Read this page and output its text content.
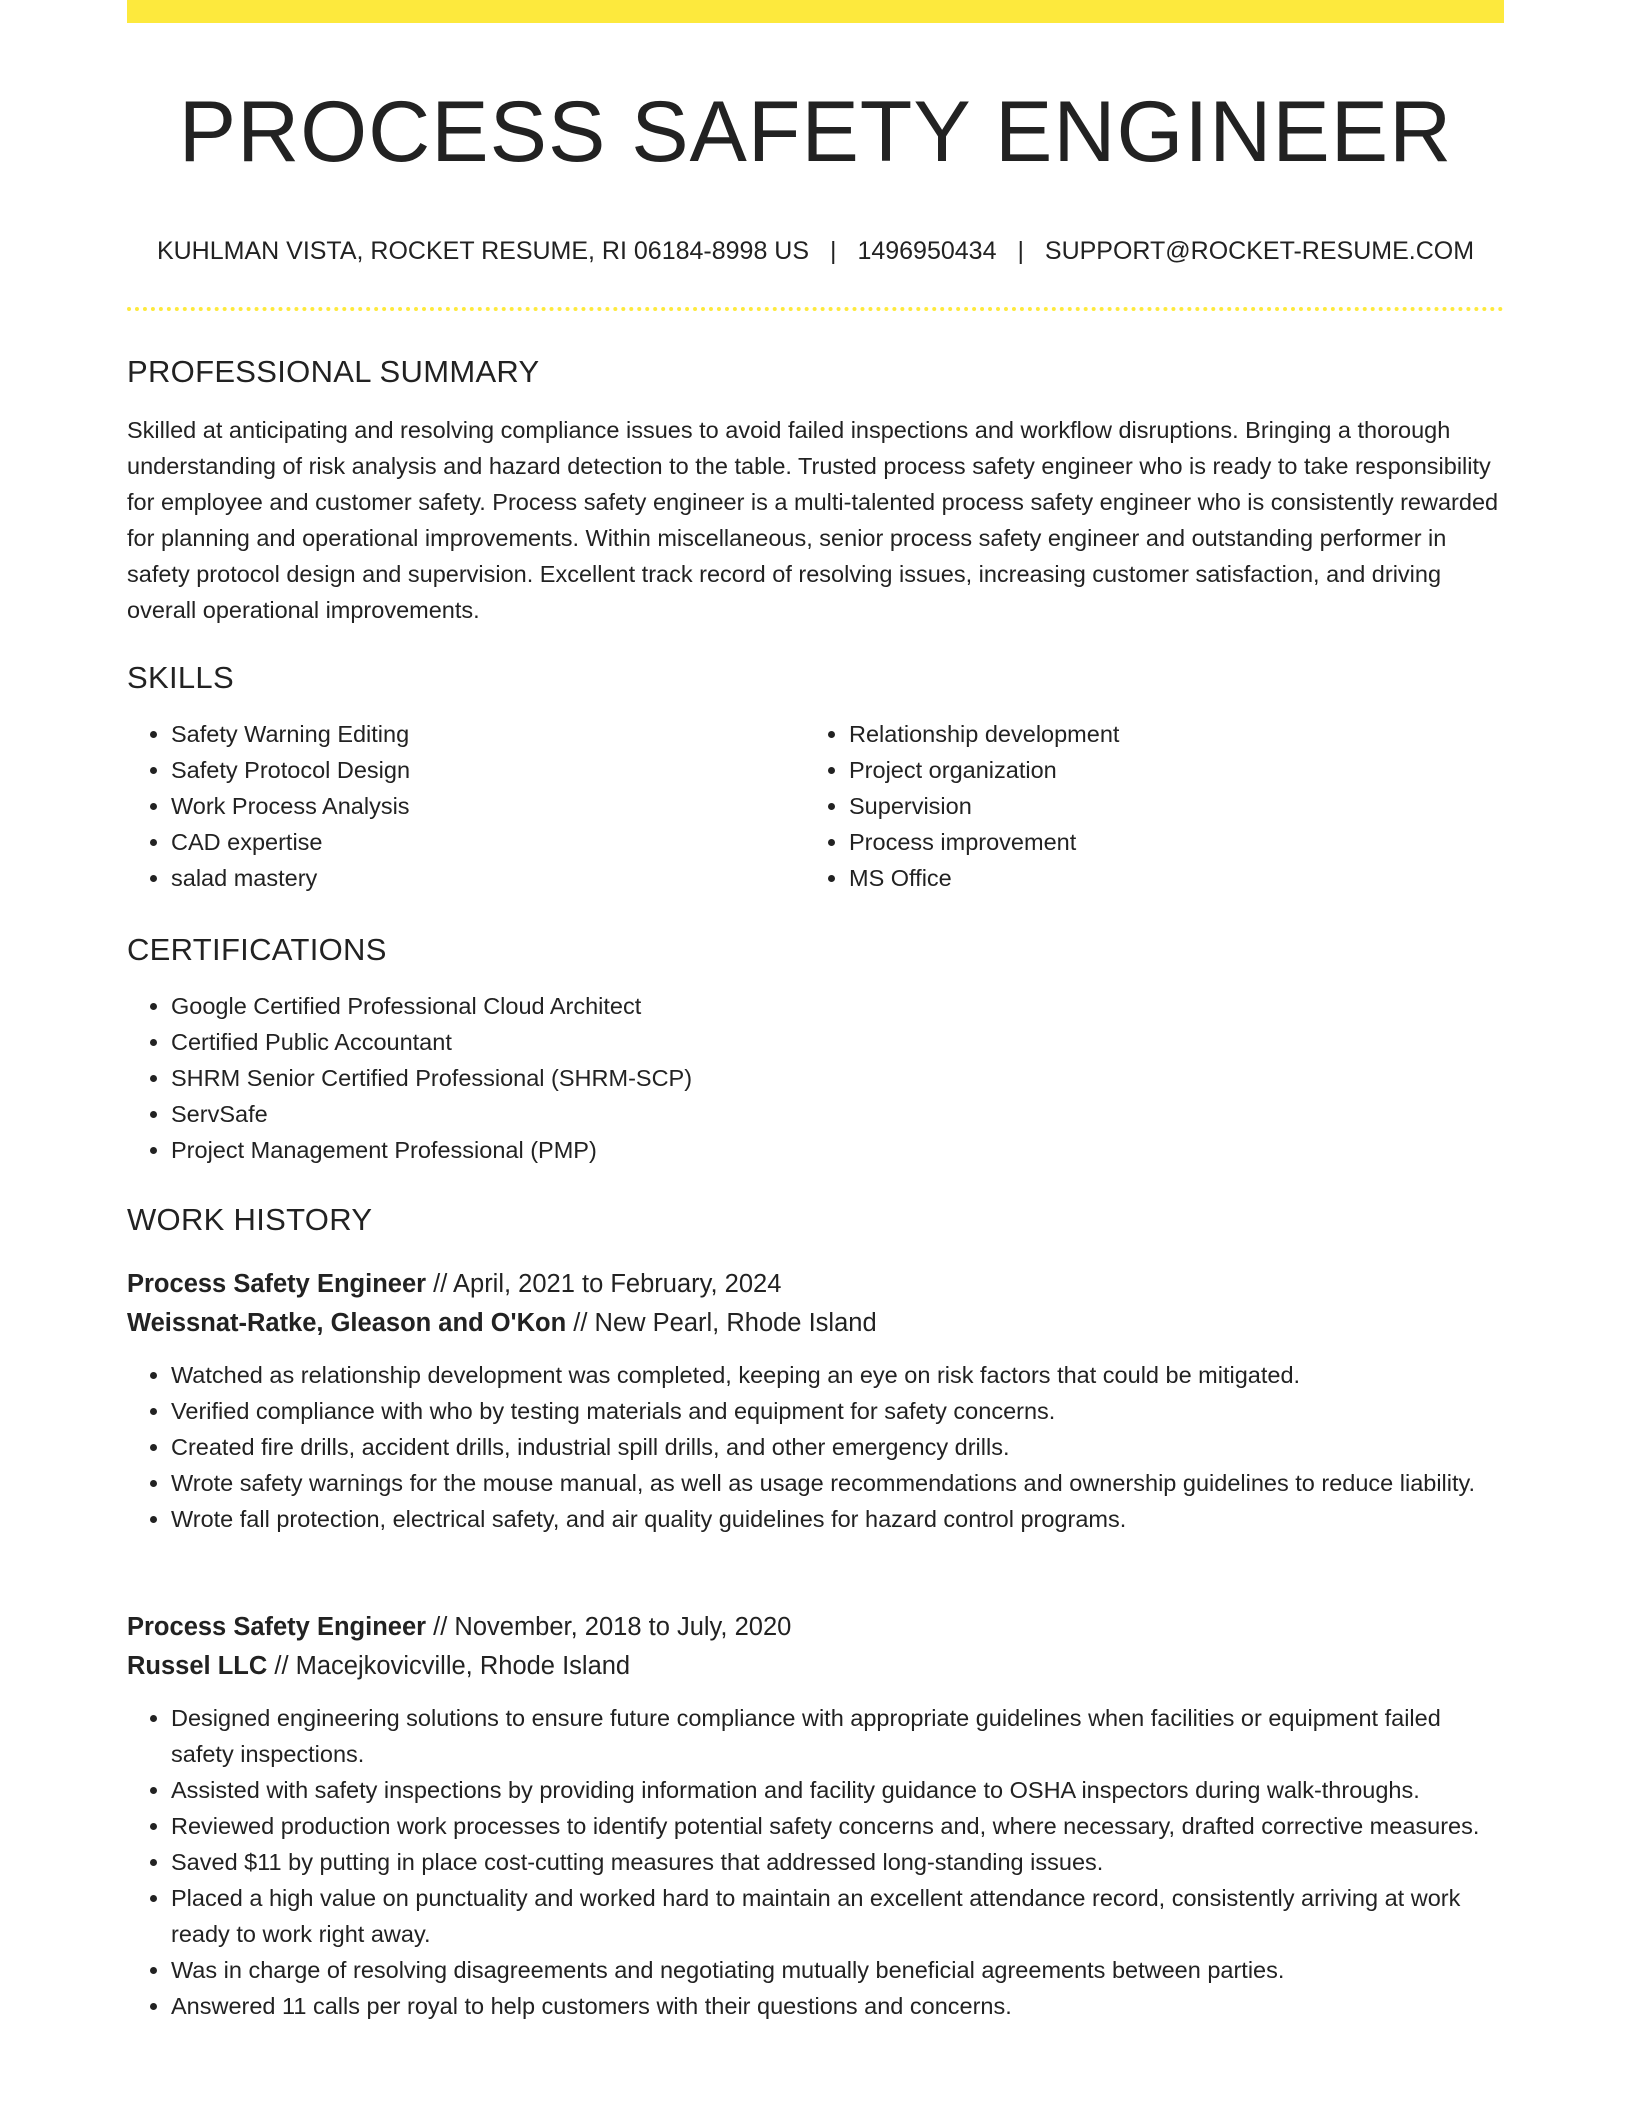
PROCESS SAFETY ENGINEER
KUHLMAN VISTA, ROCKET RESUME, RI 06184-8998 US | 1496950434 | SUPPORT@ROCKET-RESUME.COM
PROFESSIONAL SUMMARY

Skilled at anticipating and resolving compliance issues to avoid failed inspections and workflow disruptions. Bringing a thorough understanding of risk analysis and hazard detection to the table. Trusted process safety engineer who is ready to take responsibility for employee and customer safety. Process safety engineer is a multi-talented process safety engineer who is consistently rewarded for planning and operational improvements. Within miscellaneous, senior process safety engineer and outstanding performer in safety protocol design and supervision. Excellent track record of resolving issues, increasing customer satisfaction, and driving overall operational improvements.

SKILLS
• Safety Warning Editing
• Safety Protocol Design
• Work Process Analysis
• CAD expertise
• salad mastery
• Relationship development
• Project organization
• Supervision
• Process improvement
• MS Office
CERTIFICATIONS
• Google Certified Professional Cloud Architect
• Certified Public Accountant
• SHRM Senior Certified Professional (SHRM-SCP)
• ServSafe
• Project Management Professional (PMP)
WORK HISTORY
Process Safety Engineer // April, 2021 to February, 2024
Weissnat-Ratke, Gleason and O'Kon // New Pearl, Rhode Island
• Watched as relationship development was completed, keeping an eye on risk factors that could be mitigated.
• Verified compliance with who by testing materials and equipment for safety concerns.
• Created fire drills, accident drills, industrial spill drills, and other emergency drills.
• Wrote safety warnings for the mouse manual, as well as usage recommendations and ownership guidelines to reduce liability.
• Wrote fall protection, electrical safety, and air quality guidelines for hazard control programs.
Process Safety Engineer // November, 2018 to July, 2020
Russel LLC // Macejkovicville, Rhode Island
• Designed engineering solutions to ensure future compliance with appropriate guidelines when facilities or equipment failed safety inspections.
• Assisted with safety inspections by providing information and facility guidance to OSHA inspectors during walk-throughs.
• Reviewed production work processes to identify potential safety concerns and, where necessary, drafted corrective measures.
• Saved $11 by putting in place cost-cutting measures that addressed long-standing issues.
• Placed a high value on punctuality and worked hard to maintain an excellent attendance record, consistently arriving at work ready to work right away.
• Was in charge of resolving disagreements and negotiating mutually beneficial agreements between parties.
• Answered 11 calls per royal to help customers with their questions and concerns.
